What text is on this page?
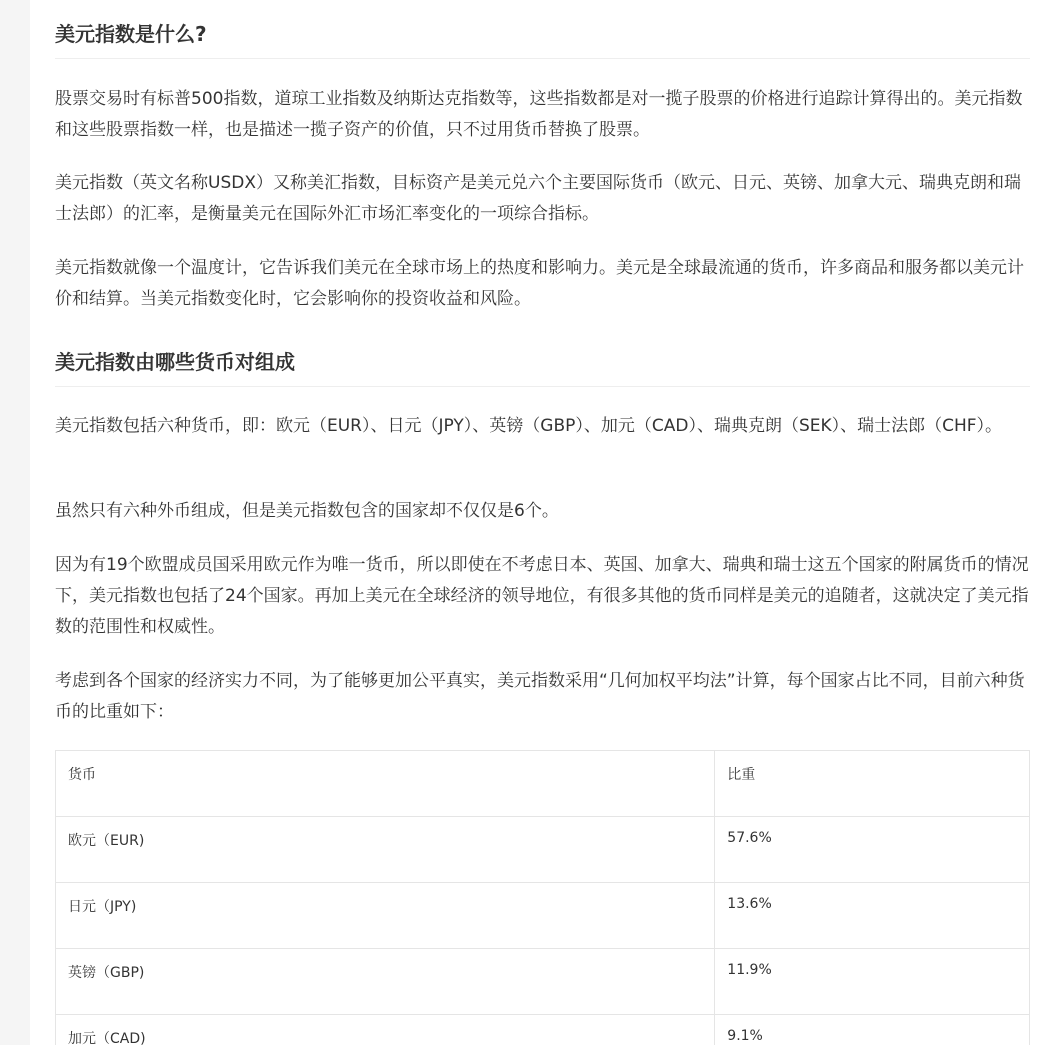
美元指数是什么?

股票交易时有标普500指数，道琼工业指数及纳斯达克指数等，这些指数都是对一揽子股票的价格进行追踪计算得出的。美元指数和这些股票指数一样，也是描述一揽子资产的价值，只不过用货币替换了股票。

美元指数（英文名称USDX）又称美汇指数，目标资产是美元兑六个主要国际货币（欧元、日元、英镑、加拿大元、瑞典克朗和瑞士法郎）的汇率，是衡量美元在国际外汇市场汇率变化的一项综合指标。

美元指数就像一个温度计，它告诉我们美元在全球市场上的热度和影响力。美元是全球最流通的货币，许多商品和服务都以美元计价和结算。当美元指数变化时，它会影响你的投资收益和风险。

美元指数由哪些货币对组成

美元指数包括六种货币，即：欧元（EUR）、日元（JPY）、英镑（GBP）、加元（CAD）、瑞典克朗（SEK）、瑞士法郎（CHF）。

虽然只有六种外币组成，但是美元指数包含的国家却不仅仅是6个。

因为有19个欧盟成员国采用欧元作为唯一货币，所以即使在不考虑日本、英国、加拿大、瑞典和瑞士这五个国家的附属货币的情况下，美元指数也包括了24个国家。再加上美元在全球经济的领导地位，有很多其他的货币同样是美元的追随者，这就决定了美元指数的范围性和权威性。

考虑到各个国家的经济实力不同，为了能够更加公平真实，美元指数采用“几何加权平均法”计算，每个国家占比不同，目前六种货币的比重如下：

货币	比重
欧元（EUR)	57.6%
日元（JPY)	13.6%
英镑（GBP)	11.9%
加元（CAD)	9.1%
